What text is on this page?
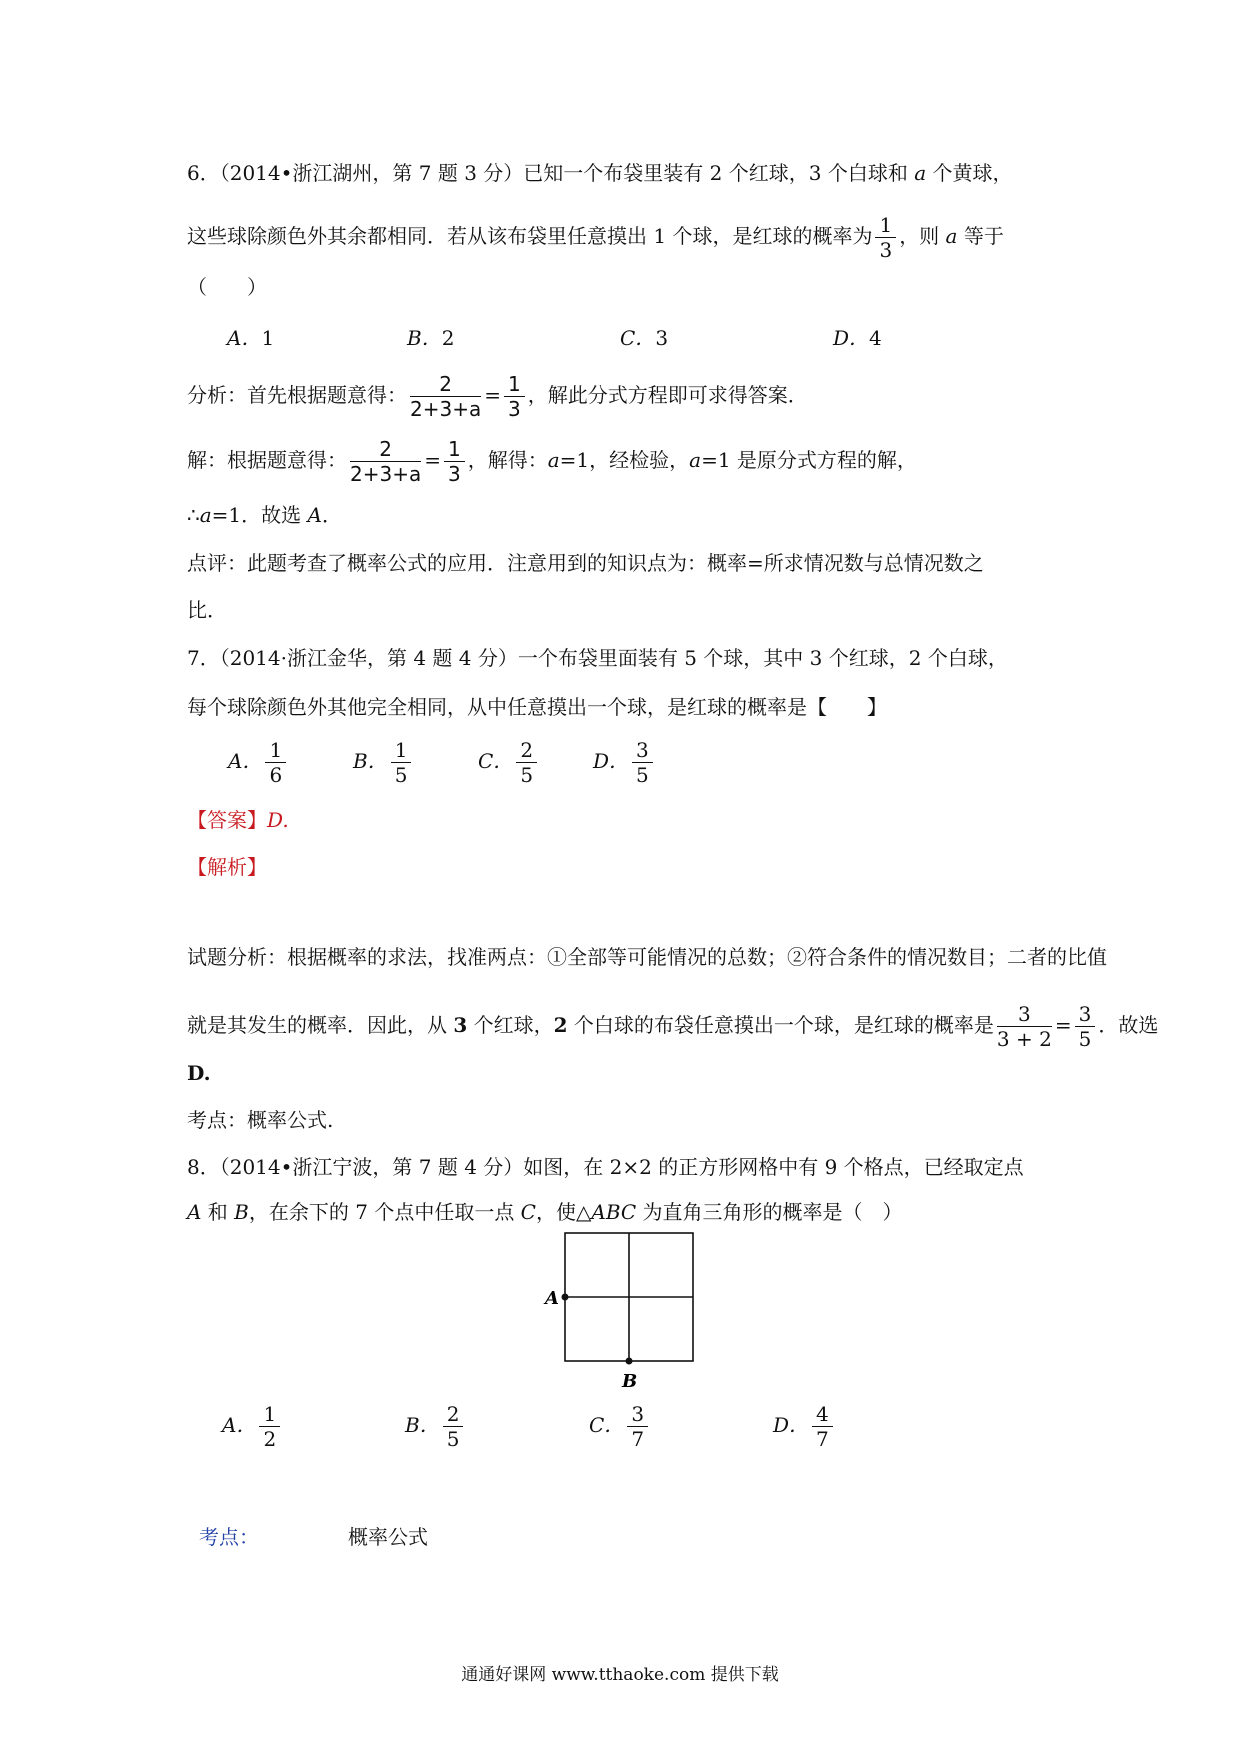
6．（2014•浙江湖州，第 7 题 3 分）已知一个布袋里装有 2 个红球，3 个白球和 a 个黄球，
这些球除颜色外其余都相同．若从该布袋里任意摸出 1 个球，是红球的概率为 $\frac{1}{3}$ ，则 a 等于
（　　）
A．1	B．2	C．3	D．4
分析：首先根据题意得： $\frac{2}{2+3+a} = \frac{1}{3}$ ，解此分式方程即可求得答案．
解：根据题意得： $\frac{2}{2+3+a} = \frac{1}{3}$ ，解得：a=1，经检验，a=1 是原分式方程的解，
∴a=1．故选 A．
点评：此题考查了概率公式的应用．注意用到的知识点为：概率=所求情况数与总情况数之
比．
7．（2014·浙江金华，第 4 题 4 分）一个布袋里面装有 5 个球，其中 3 个红球，2 个白球，
每个球除颜色外其他完全相同，从中任意摸出一个球，是红球的概率是【　　】
A． $\frac{1}{6}$	B． $\frac{1}{5}$	C． $\frac{2}{5}$	D． $\frac{3}{5}$
【答案】D.
【解析】
试题分析：根据概率的求法，找准两点：①全部等可能情况的总数；②符合条件的情况数目；二者的比值
就是其发生的概率．因此，从 3 个红球，2 个白球的布袋任意摸出一个球，是红球的概率是 $\frac{3}{3 + 2} = \frac{3}{5}$ ．故选
D.
考点：概率公式.
8．（2014•浙江宁波，第 7 题 4 分）如图，在 2×2 的正方形网格中有 9 个格点，已经取定点
A 和 B，在余下的 7 个点中任取一点 C，使△ABC 为直角三角形的概率是（　）
A
B
A． $\frac{1}{2}$	B． $\frac{2}{5}$	C． $\frac{3}{7}$	D． $\frac{4}{7}$
考点：	概率公式
通通好课网 www.tthaoke.com 提供下载
